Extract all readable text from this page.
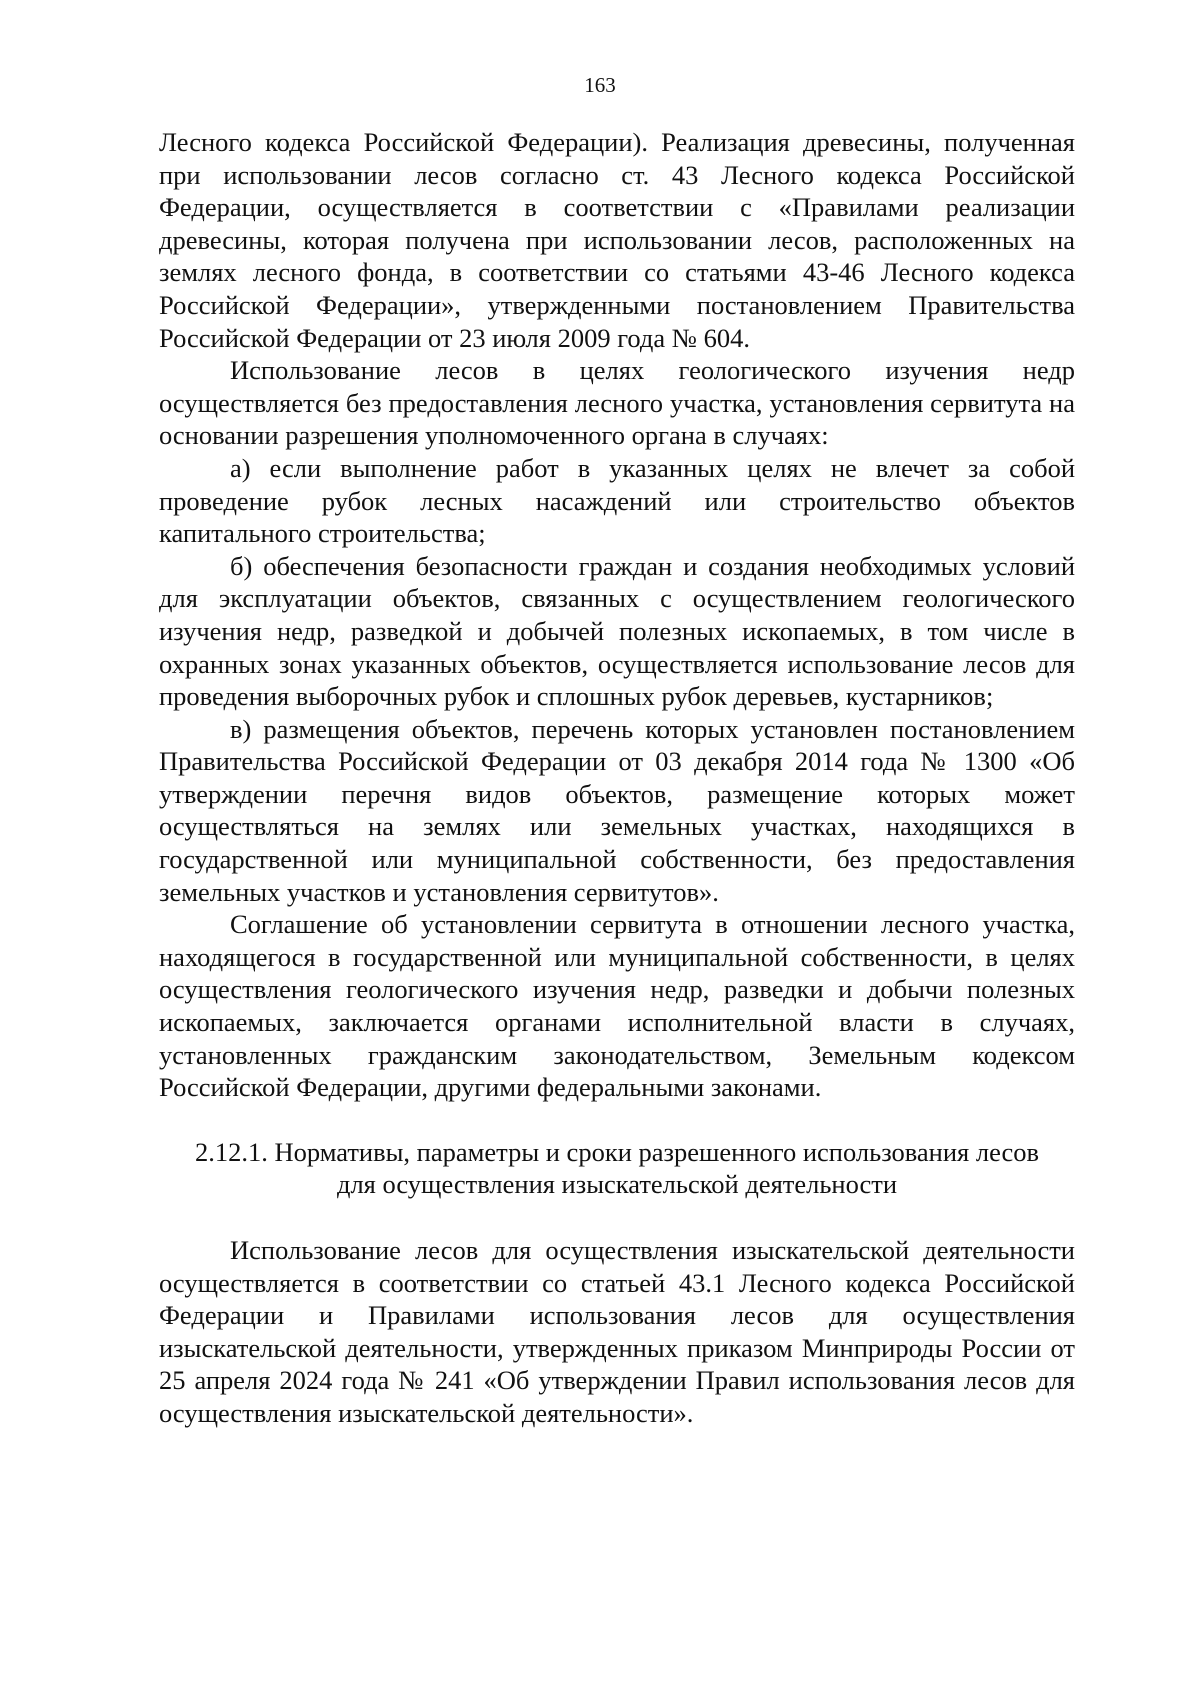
163

Лесного кодекса Российской Федерации). Реализация древесины, полученная при использовании лесов согласно ст. 43 Лесного кодекса Российской Федерации, осуществляется в соответствии с «Правилами реализации древесины, которая получена при использовании лесов, расположенных на землях лесного фонда, в соответствии со статьями 43-46 Лесного кодекса Российской Федерации», утвержденными постановлением Правительства Российской Федерации от 23 июля 2009 года № 604.

Использование лесов в целях геологического изучения недр осуществляется без предоставления лесного участка, установления сервитута на основании разрешения уполномоченного органа в случаях:

а) если выполнение работ в указанных целях не влечет за собой проведение рубок лесных насаждений или строительство объектов капитального строительства;

б) обеспечения безопасности граждан и создания необходимых условий для эксплуатации объектов, связанных с осуществлением геологического изучения недр, разведкой и добычей полезных ископаемых, в том числе в охранных зонах указанных объектов, осуществляется использование лесов для проведения выборочных рубок и сплошных рубок деревьев, кустарников;

в) размещения объектов, перечень которых установлен постановлением Правительства Российской Федерации от 03 декабря 2014 года № 1300 «Об утверждении перечня видов объектов, размещение которых может осуществляться на землях или земельных участках, находящихся в государственной или муниципальной собственности, без предоставления земельных участков и установления сервитутов».

Соглашение об установлении сервитута в отношении лесного участка, находящегося в государственной или муниципальной собственности, в целях осуществления геологического изучения недр, разведки и добычи полезных ископаемых, заключается органами исполнительной власти в случаях, установленных гражданским законодательством, Земельным кодексом Российской Федерации, другими федеральными законами.

2.12.1. Нормативы, параметры и сроки разрешенного использования лесов
для осуществления изыскательской деятельности

Использование лесов для осуществления изыскательской деятельности осуществляется в соответствии со статьей 43.1 Лесного кодекса Российской Федерации и Правилами использования лесов для осуществления изыскательской деятельности, утвержденных приказом Минприроды России от 25 апреля 2024 года № 241 «Об утверждении Правил использования лесов для осуществления изыскательской деятельности».
